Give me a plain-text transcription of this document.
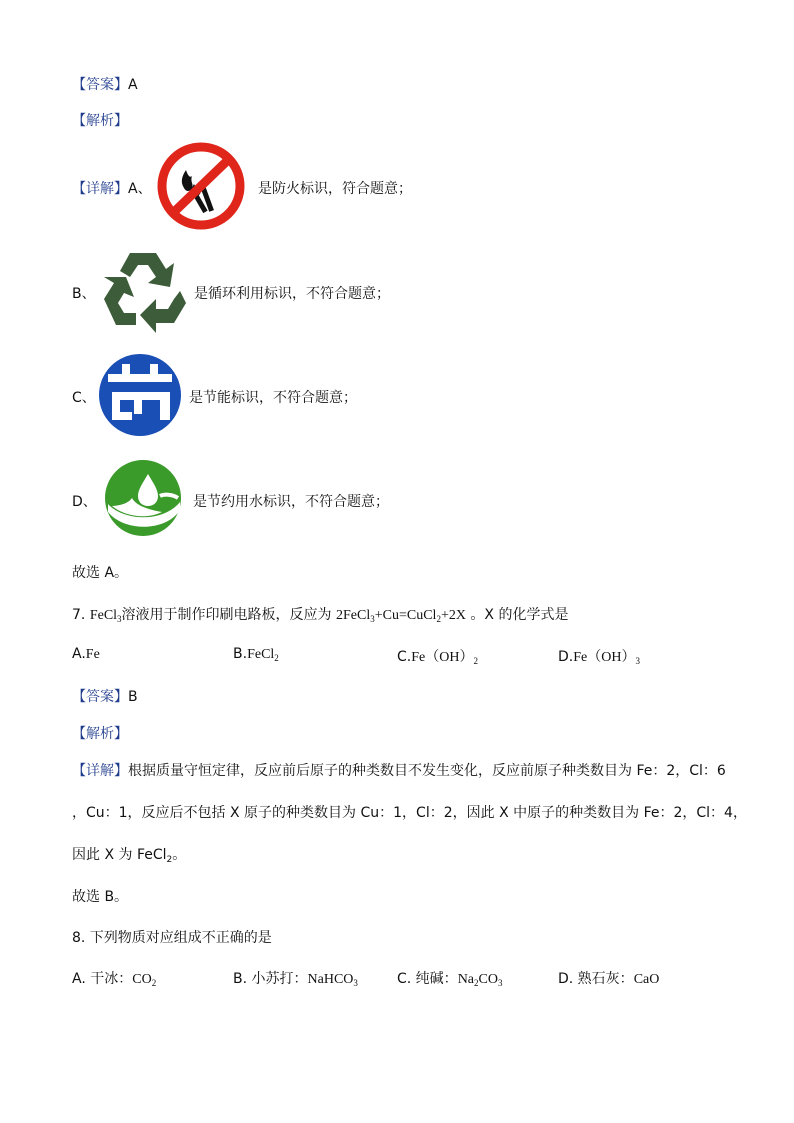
【答案】A
【解析】
【详解】A、	是防火标识，符合题意；
B、	是循环利用标识，不符合题意；
C、	是节能标识，不符合题意；
D、	是节约用水标识，不符合题意；
故选 A。
7. FeCl$_3$溶液用于制作印刷电路板，反应为 2FeCl$_3$+Cu=CuCl$_2$+2X 。X 的化学式是
A.Fe	B.FeCl$_2$	$C.Fe(OH)_2$	$D.Fe(OH)_3$
【答案】B
【解析】
【详解】根据质量守恒定律，反应前后原子的种类数目不发生变化，反应前原子种类数目为 Fe：2，Cl：6
，Cu：1，反应后不包括 X 原子的种类数目为 Cu：1，Cl：2，因此 X 中原子的种类数目为 Fe：2，Cl：4，
因此 X 为 FeCl$_2$。
故选 B。
8. 下列物质对应组成不正确的是
A. 干冰：$CO_2$	B. 小苏打：NaHCO$_3$	C. 纯碱：$Na_2CO_3$	D. 熟石灰：CaO
